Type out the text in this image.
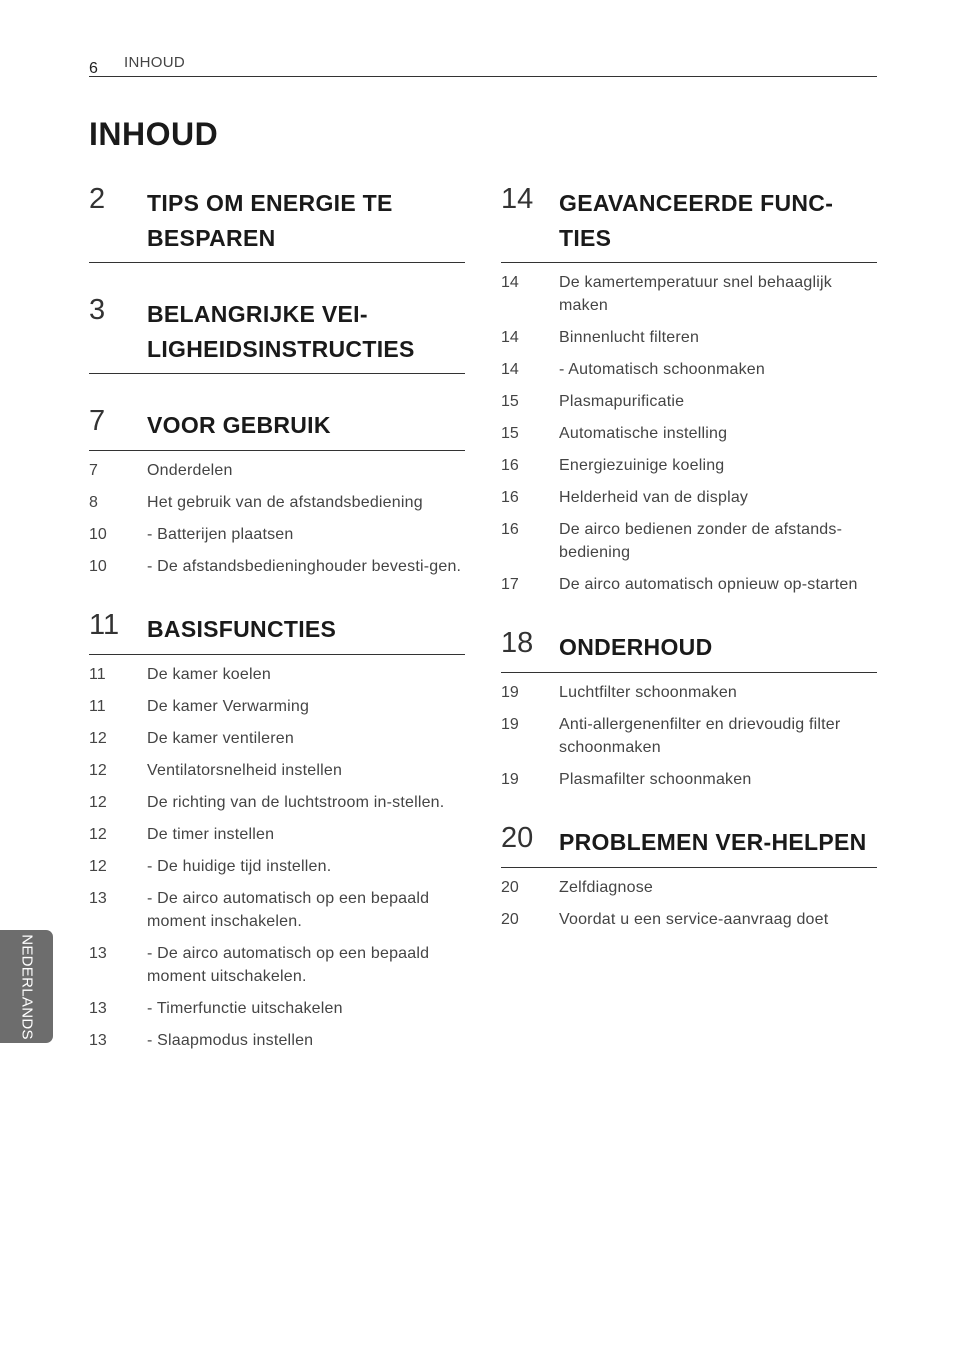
6 INHOUD
INHOUD
2 TIPS OM ENERGIE TE BESPAREN
3 BELANGRIJKE VEI-LIGHEIDSINSTRUCTIES
7 VOOR GEBRUIK
7	Onderdelen
8	Het gebruik van de afstandsbediening
10	- Batterijen plaatsen
10	- De afstandsbedieninghouder bevesti-gen.
11 BASISFUNCTIES
11	De kamer koelen
11	De kamer Verwarming
12	De kamer ventileren
12	Ventilatorsnelheid instellen
12	De richting van de luchtstroom in-stellen.
12	De timer instellen
12	- De huidige tijd instellen.
13	- De airco automatisch op een bepaald moment inschakelen.
13	- De airco automatisch op een bepaald moment uitschakelen.
13	- Timerfunctie uitschakelen
13	- Slaapmodus instellen
14 GEAVANCEERDE FUNC-TIES
14	De kamertemperatuur snel behaaglijk maken
14	Binnenlucht filteren
14	- Automatisch schoonmaken
15	Plasmapurificatie
15	Automatische instelling
16	Energiezuinige koeling
16	Helderheid van de display
16	De airco bedienen zonder de afstands-bediening
17	De airco automatisch opnieuw op-starten
18 ONDERHOUD
19	Luchtfilter schoonmaken
19	Anti-allergenenfilter en drievoudig filter schoonmaken
19	Plasmafilter schoonmaken
20 PROBLEMEN VER-HELPEN
20	Zelfdiagnose
20	Voordat u een service-aanvraag doet
NEDERLANDS
